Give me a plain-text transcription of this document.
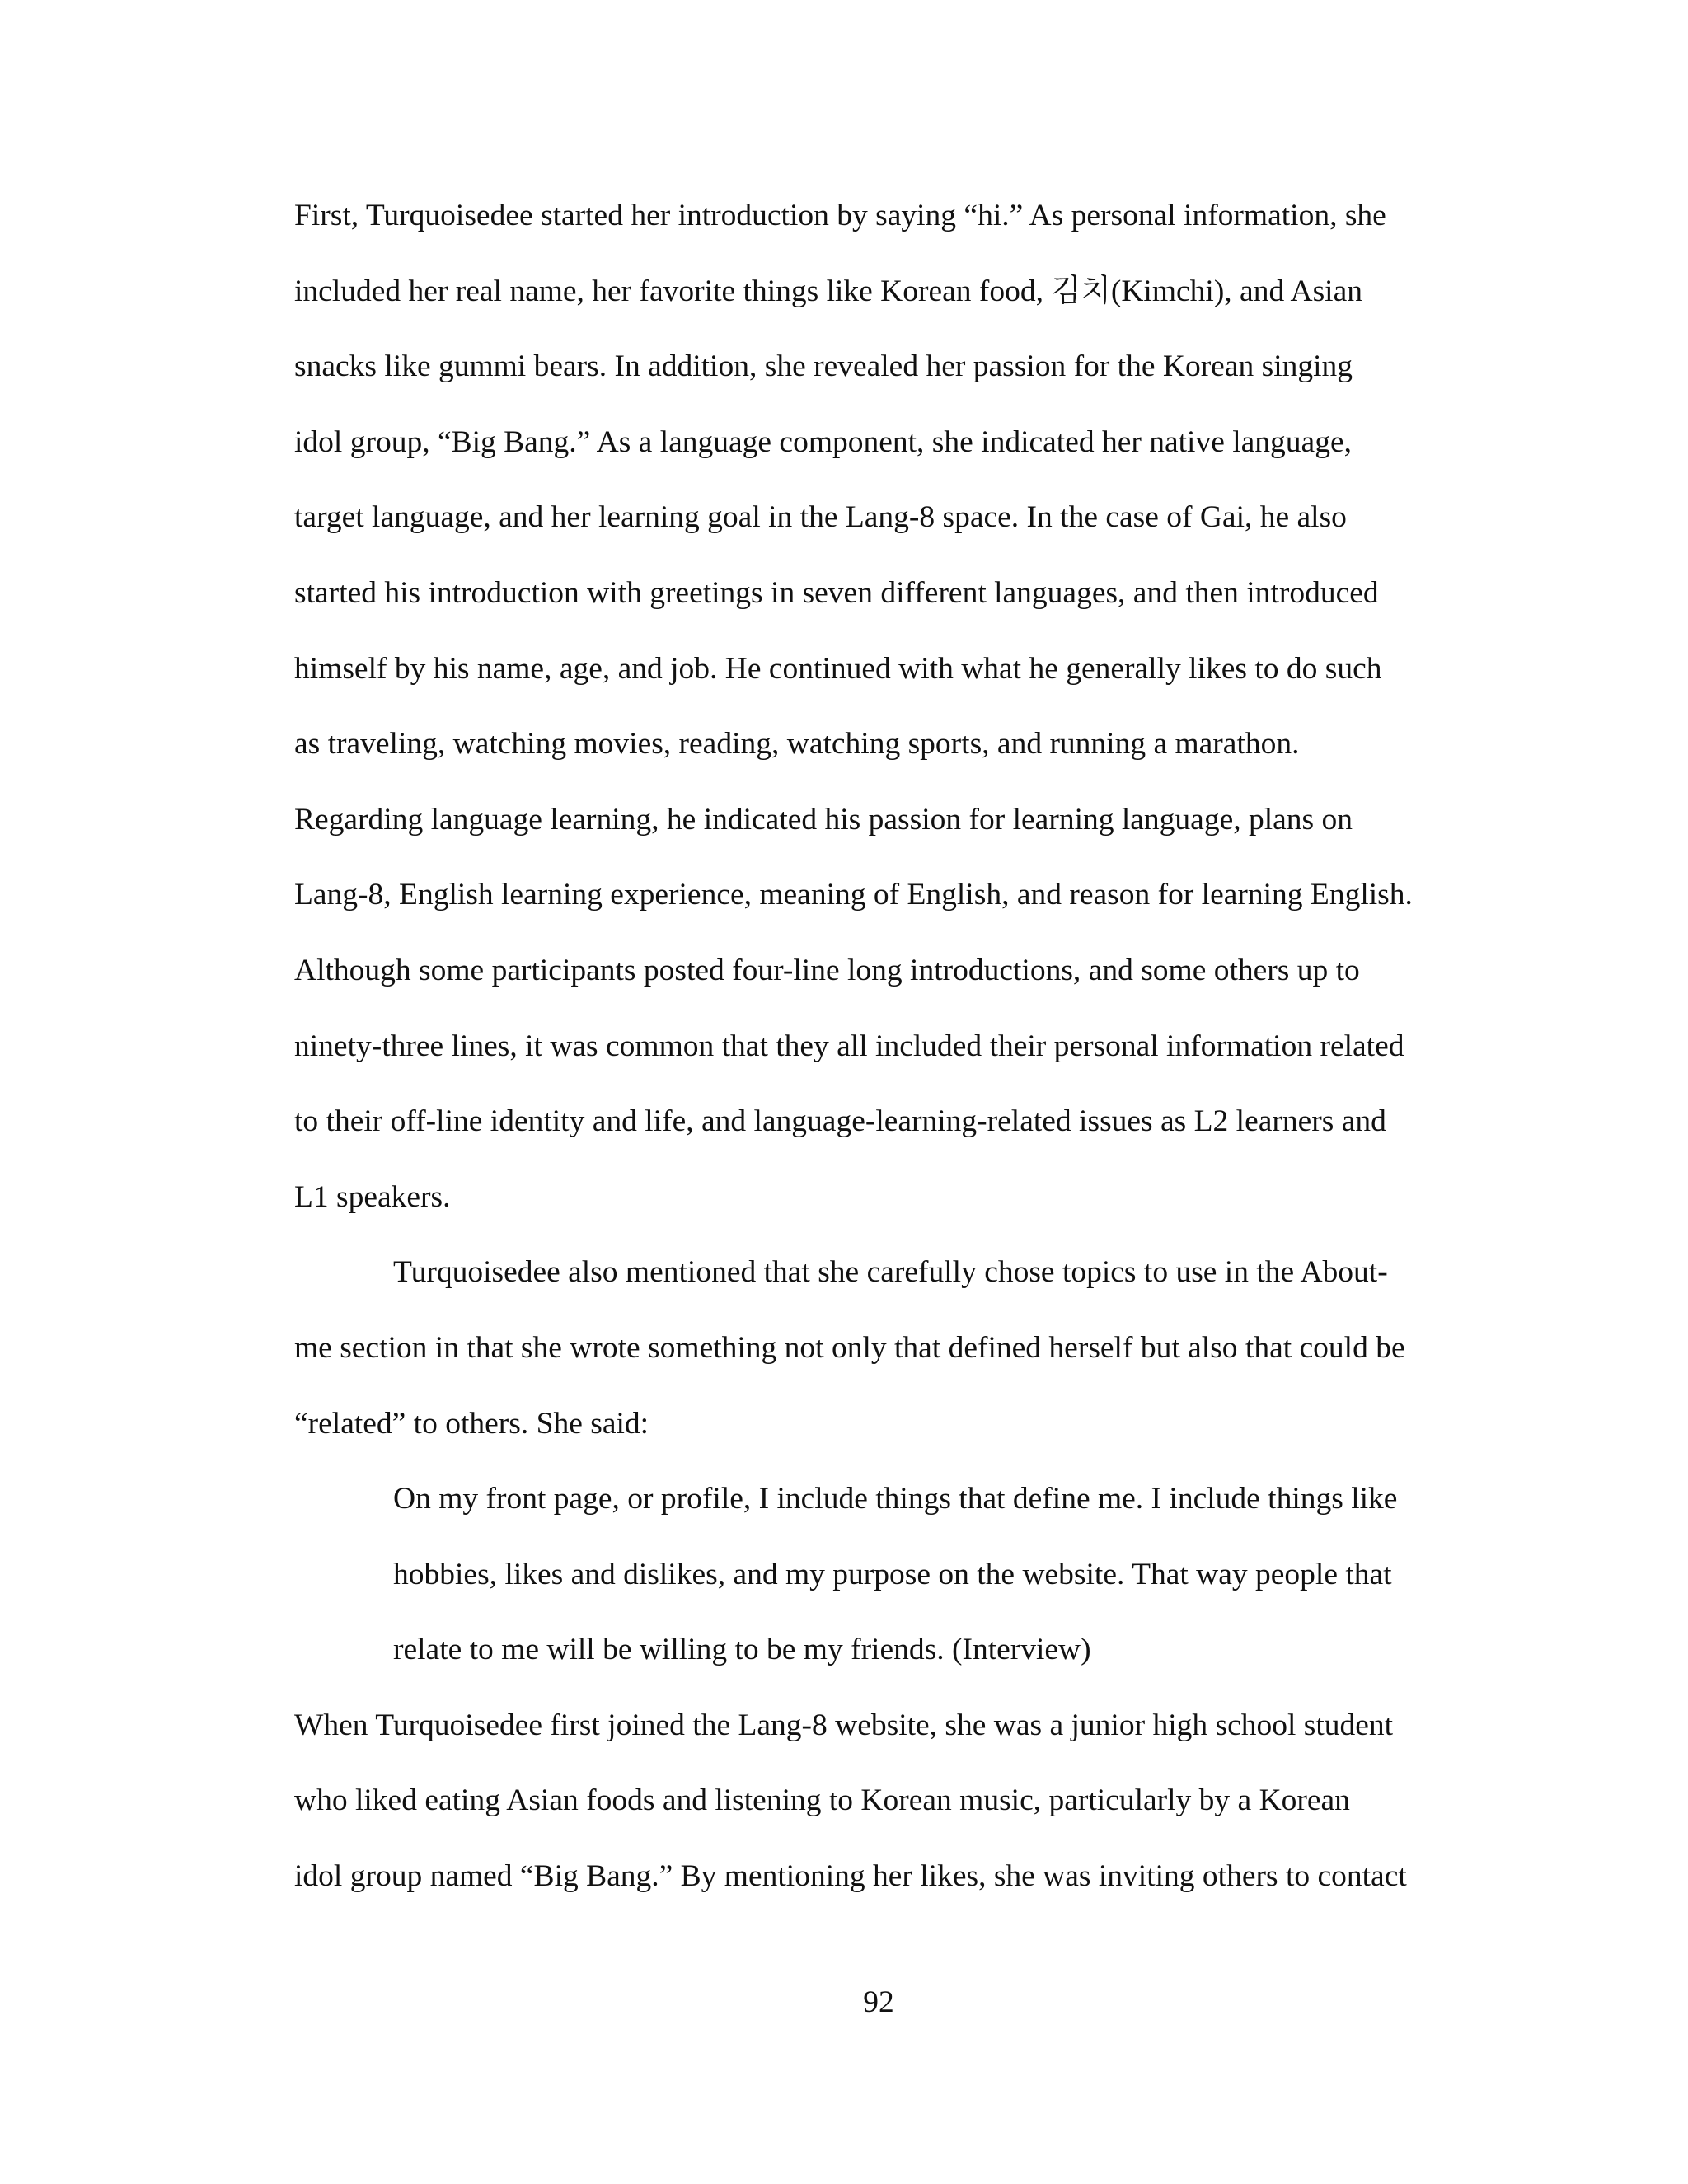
First, Turquoisedee started her introduction by saying “hi.” As personal information, she
included her real name, her favorite things like Korean food, 김치(Kimchi), and Asian
snacks like gummi bears. In addition, she revealed her passion for the Korean singing
idol group, “Big Bang.” As a language component, she indicated her native language,
target language, and her learning goal in the Lang-8 space. In the case of Gai, he also
started his introduction with greetings in seven different languages, and then introduced
himself by his name, age, and job. He continued with what he generally likes to do such
as traveling, watching movies, reading, watching sports, and running a marathon.
Regarding language learning, he indicated his passion for learning language, plans on
Lang-8, English learning experience, meaning of English, and reason for learning English.
Although some participants posted four-line long introductions, and some others up to
ninety-three lines, it was common that they all included their personal information related
to their off-line identity and life, and language-learning-related issues as L2 learners and
L1 speakers.
Turquoisedee also mentioned that she carefully chose topics to use in the About-
me section in that she wrote something not only that defined herself but also that could be
“related” to others. She said:
On my front page, or profile, I include things that define me. I include things like
hobbies, likes and dislikes, and my purpose on the website. That way people that
relate to me will be willing to be my friends. (Interview)
When Turquoisedee first joined the Lang-8 website, she was a junior high school student
who liked eating Asian foods and listening to Korean music, particularly by a Korean
idol group named “Big Bang.” By mentioning her likes, she was inviting others to contact
92
